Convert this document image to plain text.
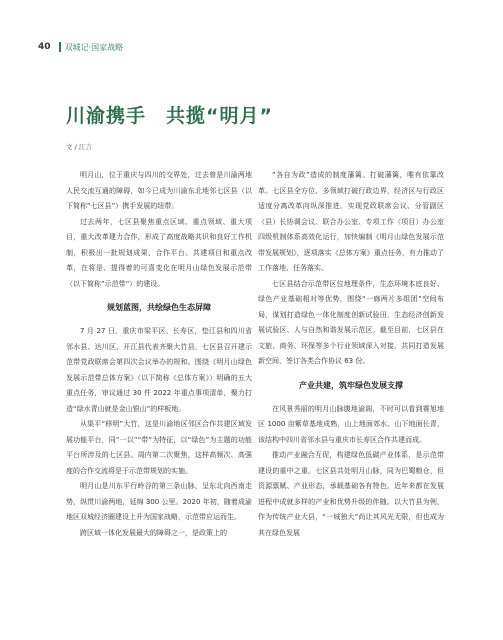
40 双城记·国家战略
川渝携手　共揽“明月”
文 / 江言

明月山，位于重庆与四川的交界处，过去曾是川渝两地人民交流互通的障碍，如今已成为川渝东北地邻七区县（以下简称“七区县”）携手发展的纽带。

过去两年，七区县聚焦重点区域、重点领域、重大项目，重大改革建力合作，形成了高度战略共识和良好工作机制，积极出一批规划成果、合作平台、共建项目和重点改革，在将是、提得着的可喜变化在明月山绿色发展示范带（以下简称“示范带”）的建设。

规划蓝图，共绘绿色生态屏障

7 月 27 日，重庆市梁平区、长寿区，垫江县和四川省邻水县、达川区、开江县代表齐聚大竹县，七区县召开建示范带党政联席会第四次会议举办的规和。围绕《明月山绿色发展示范带总体方案》（以下简称《总体方案》）明确的五大重点任务，审议通过 30 件 2022 年重点事项清单，聚力打造“绿水青山就是金山银山”的样板地。

从渠平“移明”大竹，这是川渝地区邻区合作共建区域发展功能平台，同“一以”“带”为特征，以“绿色”为主题的功能平台所涉及的七区县。周内第二次聚焦，这样高频次、高强度的合作交流将是于示范带规划的实施。

明月山是川东平行岭谷的第三条山脉，呈东北向西南走势，纵贯川渝两地，延绵 300 公里。2020 年初，随着成渝地区双城经济圈建设上升为国家战略，示范带应运而生。

跨区域一体化发展最大的障碍之一，是政策上的

“各自为政”造成的制度藩篱。打破藩篱，唯有依靠改革。七区县全方位、多领域打破行政边界，经济区与行政区适度分离改革向纵深推进。实现党政联席会议、分管副区（县）长协调会议、联合办公室、专项工作（项目）办公室四级机制体系高效化运行，加快编制《明月山绿色发展示范带发展规划》，逐项落实《总体方案》重点任务，有力推动了工作落地、任务落实。

七区县结合示范带区位地理条件，生态环境本底良好、绿色产业基础相对等优势，围绕“一廊两片多组团”空间布局，谋划打造绿色一体化制度创新试验田，生态经济创新发展试验区、人与自然和谐发展示范区。截至目前，七区县在文旅、商务、环保等多个行业领域深入对接，共同打造发展新空间，签订各类合作协议 63 份。

产业共建，筑牢绿色发展支撑

在风景秀丽的明月山脉腹地渝阁，不时可以看到赛旭地区 1000 亩紫草基地成熟，山上地面郊水、山下地面长青，该结构中四川省邻水县与重庆市长寿区合作共建而成。

推动产业融合互促，构建绿色低碳产业体系，是示范带建设的重中之重。七区县共处明月山脉，同为巴蜀粮仓，但资源禀赋、产业形态，承载基础各有特色，近年来都在发展进程中成就多样的产业和优势升级的伴随。以大竹县为例，作为传统产业大县，“一城独大”尚让其风光无限，但也成为其在绿色发展
